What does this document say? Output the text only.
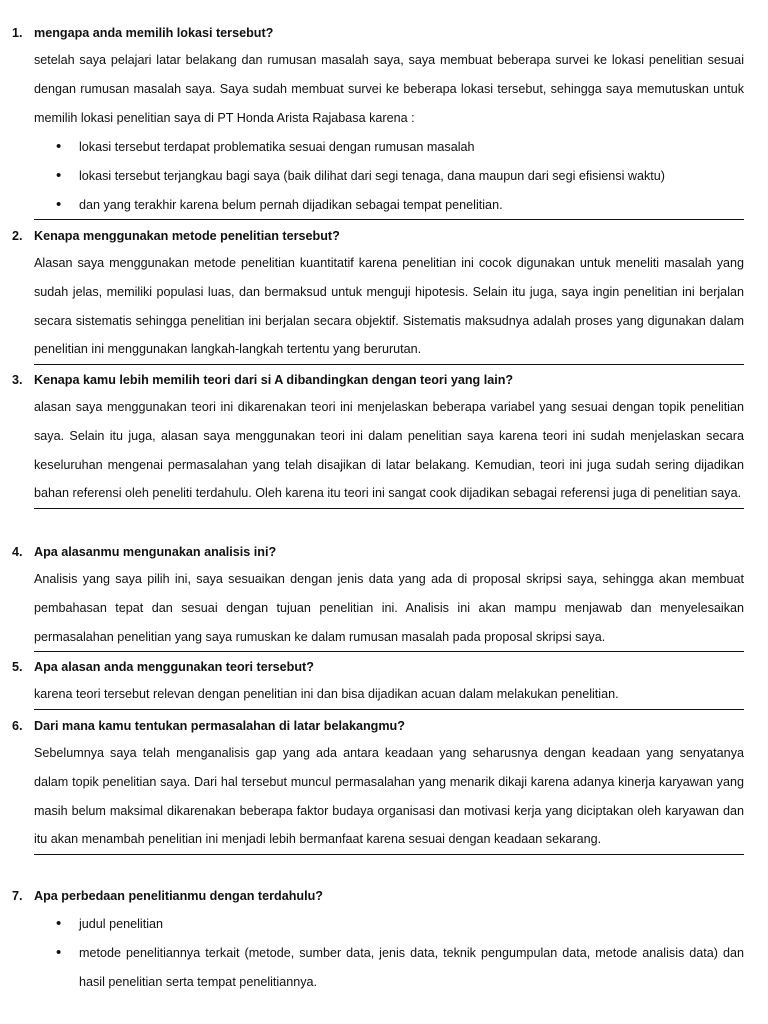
1. mengapa anda memilih lokasi tersebut?
setelah saya pelajari latar belakang dan rumusan masalah saya, saya membuat beberapa survei ke lokasi penelitian sesuai dengan rumusan masalah saya. Saya sudah membuat survei ke beberapa lokasi tersebut, sehingga saya memutuskan untuk memilih lokasi penelitian saya di PT Honda Arista Rajabasa karena :
• lokasi tersebut terdapat problematika sesuai dengan rumusan masalah
• lokasi tersebut terjangkau bagi saya (baik dilihat dari segi tenaga, dana maupun dari segi efisiensi waktu)
• dan yang terakhir karena belum pernah dijadikan sebagai tempat penelitian.
2. Kenapa menggunakan metode penelitian tersebut?
Alasan saya menggunakan metode penelitian kuantitatif karena penelitian ini cocok digunakan untuk meneliti masalah yang sudah jelas, memiliki populasi luas, dan bermaksud untuk menguji hipotesis. Selain itu juga, saya ingin penelitian ini berjalan secara sistematis sehingga penelitian ini berjalan secara objektif. Sistematis maksudnya adalah proses yang digunakan dalam penelitian ini menggunakan langkah-langkah tertentu yang berurutan.
3. Kenapa kamu lebih memilih teori dari si A dibandingkan dengan teori yang lain?
alasan saya menggunakan teori ini dikarenakan teori ini menjelaskan beberapa variabel yang sesuai dengan topik penelitian saya. Selain itu juga, alasan saya menggunakan teori ini dalam penelitian saya karena teori ini sudah menjelaskan secara keseluruhan mengenai permasalahan yang telah disajikan di latar belakang. Kemudian, teori ini juga sudah sering dijadikan bahan referensi oleh peneliti terdahulu. Oleh karena itu teori ini sangat cook dijadikan sebagai referensi juga di penelitian saya.
4. Apa alasanmu mengunakan analisis ini?
Analisis yang saya pilih ini, saya sesuaikan dengan jenis data yang ada di proposal skripsi saya, sehingga akan membuat pembahasan tepat dan sesuai dengan tujuan penelitian ini. Analisis ini akan mampu menjawab dan menyelesaikan permasalahan penelitian yang saya rumuskan ke dalam rumusan masalah pada proposal skripsi saya.
5. Apa alasan anda menggunakan teori tersebut?
karena teori tersebut relevan dengan penelitian ini dan bisa dijadikan acuan dalam melakukan penelitian.
6. Dari mana kamu tentukan permasalahan di latar belakangmu?
Sebelumnya saya telah menganalisis gap yang ada antara keadaan yang seharusnya dengan keadaan yang senyatanya dalam topik penelitian saya. Dari hal tersebut muncul permasalahan yang menarik dikaji karena adanya kinerja karyawan yang masih belum maksimal dikarenakan beberapa faktor budaya organisasi dan motivasi kerja yang diciptakan oleh karyawan dan itu akan menambah penelitian ini menjadi lebih bermanfaat karena sesuai dengan keadaan sekarang.
7. Apa perbedaan penelitianmu dengan terdahulu?
• judul penelitian
• metode penelitiannya terkait (metode, sumber data, jenis data, teknik pengumpulan data, metode analisis data) dan hasil penelitian serta tempat penelitiannya.
